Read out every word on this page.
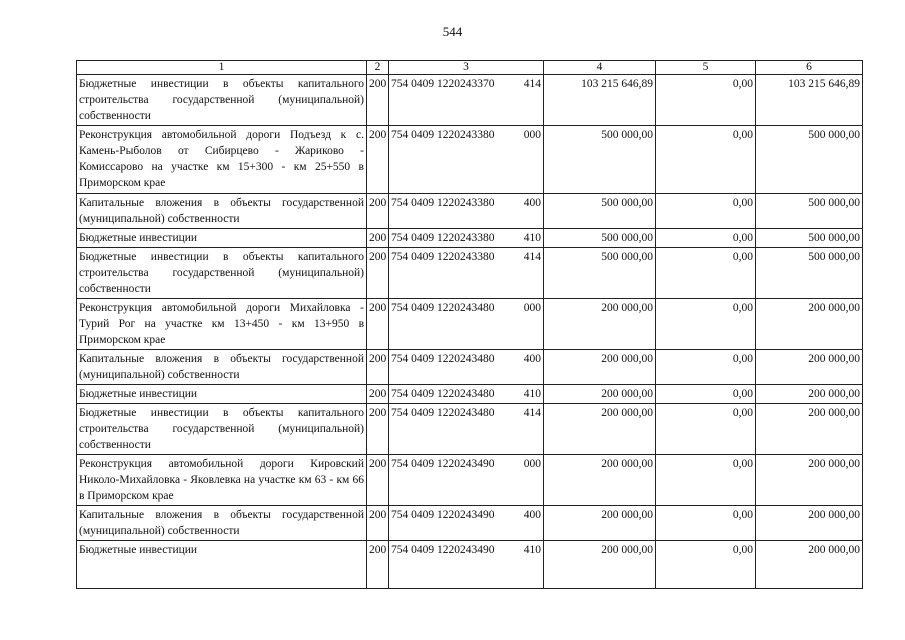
544
1	2	3	4	5	6
Бюджетные инвестиции в объекты капитального строительства государственной (муниципальной) собственности	200	754 0409 1220243370 414	103 215 646,89	0,00	103 215 646,89
Реконструкция автомобильной дороги Подъезд к с. Камень-Рыболов от Сибирцево - Жариково - Комиссарово на участке км 15+300 - км 25+550 в Приморском крае	200	754 0409 1220243380 000	500 000,00	0,00	500 000,00
Капитальные вложения в объекты государственной (муниципальной) собственности	200	754 0409 1220243380 400	500 000,00	0,00	500 000,00
Бюджетные инвестиции	200	754 0409 1220243380 410	500 000,00	0,00	500 000,00
Бюджетные инвестиции в объекты капитального строительства государственной (муниципальной) собственности	200	754 0409 1220243380 414	500 000,00	0,00	500 000,00
Реконструкция автомобильной дороги Михайловка - Турий Рог на участке км 13+450 - км 13+950 в Приморском крае	200	754 0409 1220243480 000	200 000,00	0,00	200 000,00
Капитальные вложения в объекты государственной (муниципальной) собственности	200	754 0409 1220243480 400	200 000,00	0,00	200 000,00
Бюджетные инвестиции	200	754 0409 1220243480 410	200 000,00	0,00	200 000,00
Бюджетные инвестиции в объекты капитального строительства государственной (муниципальной) собственности	200	754 0409 1220243480 414	200 000,00	0,00	200 000,00
Реконструкция автомобильной дороги Кировский Николо-Михайловка - Яковлевка на участке км 63 - км 66 в Приморском крае	200	754 0409 1220243490 000	200 000,00	0,00	200 000,00
Капитальные вложения в объекты государственной (муниципальной) собственности	200	754 0409 1220243490 400	200 000,00	0,00	200 000,00
Бюджетные инвестиции	200	754 0409 1220243490 410	200 000,00	0,00	200 000,00
